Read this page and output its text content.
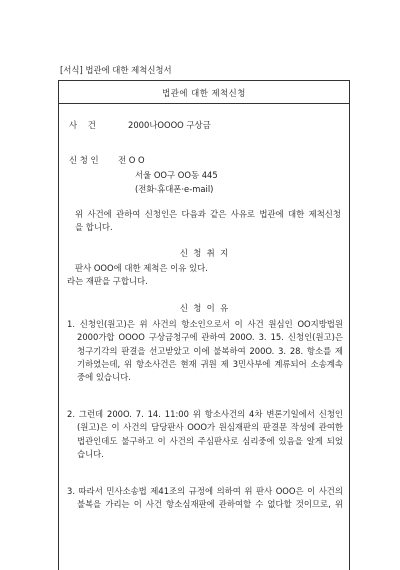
[서식] 법관에 대한 제척신청서
법관에 대한 제척신청
사    건	2000나OOOO 구상금
신 청 인 전 O O
서울 OO구 OO동 445
(전화·휴대폰·e-mail)
위 사건에 관하여 신청인은 다음과 같은 사유로 법관에 대한 제척신청
을 합니다.
신  청  취  지
판사 OOO에 대한 제척은 이유 있다.
라는 재판을 구합니다.
신  청  이  유
1. 신청인(원고)은 위 사건의 항소인으로서 이 사건 원심인 OO지방법원
2000가합 OOOO 구상금청구에 관하여 200O. 3. 15. 신청인(원고)은
청구기각의 판결을 선고받았고 이에 불복하여 200O. 3. 28. 항소를 제
기하였는데, 위 항소사건은 현재 귀원 제 3민사부에 계류되어 소송계속
중에 있습니다.
2. 그런데 200O. 7. 14. 11:00 위 항소사건의 4차 변론기일에서 신청인
(원고)은 이 사건의 담당판사 OOO가 원심재판의 판결문 작성에 관여한
법관인데도 불구하고 이 사건의 주심판사로 심리중에 있음을 알게 되었
습니다.
3. 따라서 민사소송법 제41조의 규정에 의하여 위 판사 OOO은 이 사건의
불복을 가리는 이 사건 항소심재판에 관하여할 수 없다할 것이므로, 위
